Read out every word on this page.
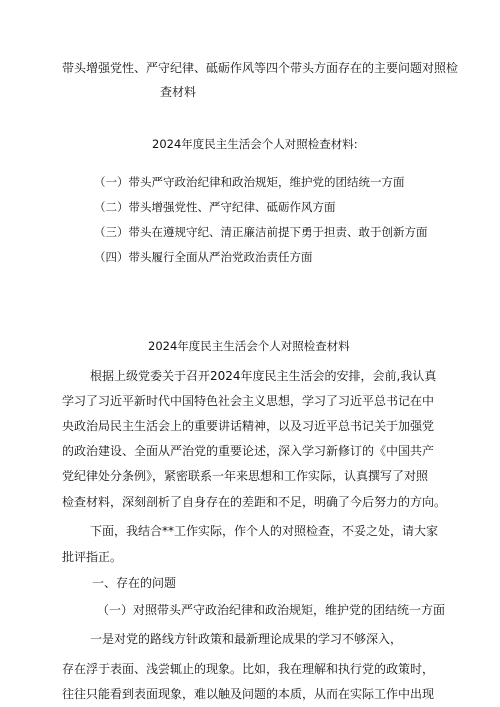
带头增强党性、严守纪律、砥砺作风等四个带头方面存在的主要问题对照检

查材料

2024年度民主生活会个人对照检查材料:

（一）带头严守政治纪律和政治规矩，维护党的团结统一方面

（二）带头增强党性、严守纪律、砥砺作风方面

（三）带头在遵规守纪、清正廉洁前提下勇于担责、敢于创新方面

（四）带头履行全面从严治党政治责任方面

2024年度民主生活会个人对照检查材料

根据上级党委关于召开2024年度民主生活会的安排，会前,我认真

学习了习近平新时代中国特色社会主义思想，学习了习近平总书记在中

央政治局民主生活会上的重要讲话精神，以及习近平总书记关于加强党

的政治建设、全面从严治党的重要论述，深入学习新修订的《中国共产

党纪律处分条例》，紧密联系一年来思想和工作实际，认真撰写了对照

检查材料，深刻剖析了自身存在的差距和不足，明确了今后努力的方向。

下面，我结合**工作实际，作个人的对照检查，不妥之处，请大家

批评指正。

一、存在的问题

（一）对照带头严守政治纪律和政治规矩，维护党的团结统一方面

一是对党的路线方针政策和最新理论成果的学习不够深入，

存在浮于表面、浅尝辄止的现象。比如，我在理解和执行党的政策时，

往往只能看到表面现象，难以触及问题的本质，从而在实际工作中出现
